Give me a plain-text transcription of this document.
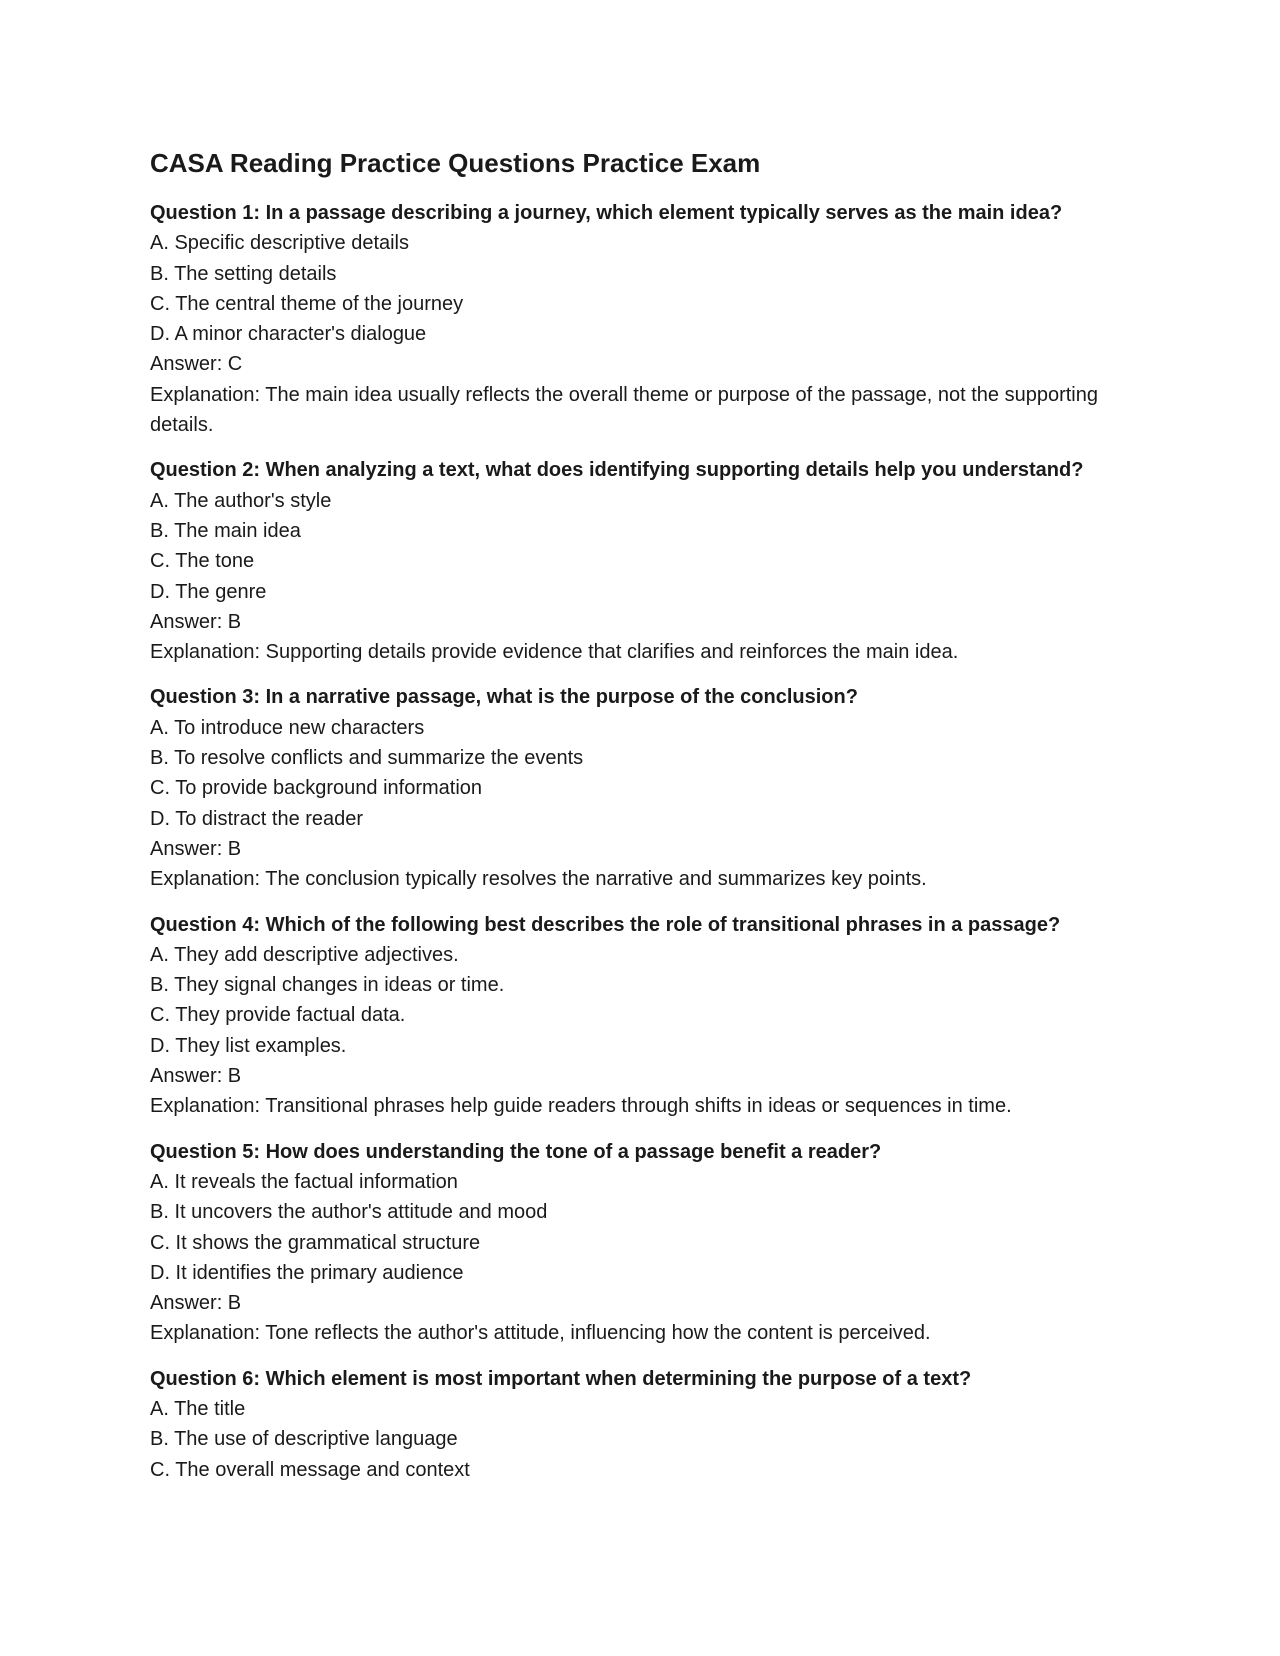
CASA Reading Practice Questions Practice Exam

Question 1: In a passage describing a journey, which element typically serves as the main idea?

A. Specific descriptive details

B. The setting details

C. The central theme of the journey

D. A minor character's dialogue

Answer: C

Explanation: The main idea usually reflects the overall theme or purpose of the passage, not the supporting details.

Question 2: When analyzing a text, what does identifying supporting details help you understand?

A. The author's style

B. The main idea

C. The tone

D. The genre

Answer: B

Explanation: Supporting details provide evidence that clarifies and reinforces the main idea.

Question 3: In a narrative passage, what is the purpose of the conclusion?

A. To introduce new characters

B. To resolve conflicts and summarize the events

C. To provide background information

D. To distract the reader

Answer: B

Explanation: The conclusion typically resolves the narrative and summarizes key points.

Question 4: Which of the following best describes the role of transitional phrases in a passage?

A. They add descriptive adjectives.

B. They signal changes in ideas or time.

C. They provide factual data.

D. They list examples.

Answer: B

Explanation: Transitional phrases help guide readers through shifts in ideas or sequences in time.

Question 5: How does understanding the tone of a passage benefit a reader?

A. It reveals the factual information

B. It uncovers the author's attitude and mood

C. It shows the grammatical structure

D. It identifies the primary audience

Answer: B

Explanation: Tone reflects the author's attitude, influencing how the content is perceived.

Question 6: Which element is most important when determining the purpose of a text?

A. The title

B. The use of descriptive language

C. The overall message and context
